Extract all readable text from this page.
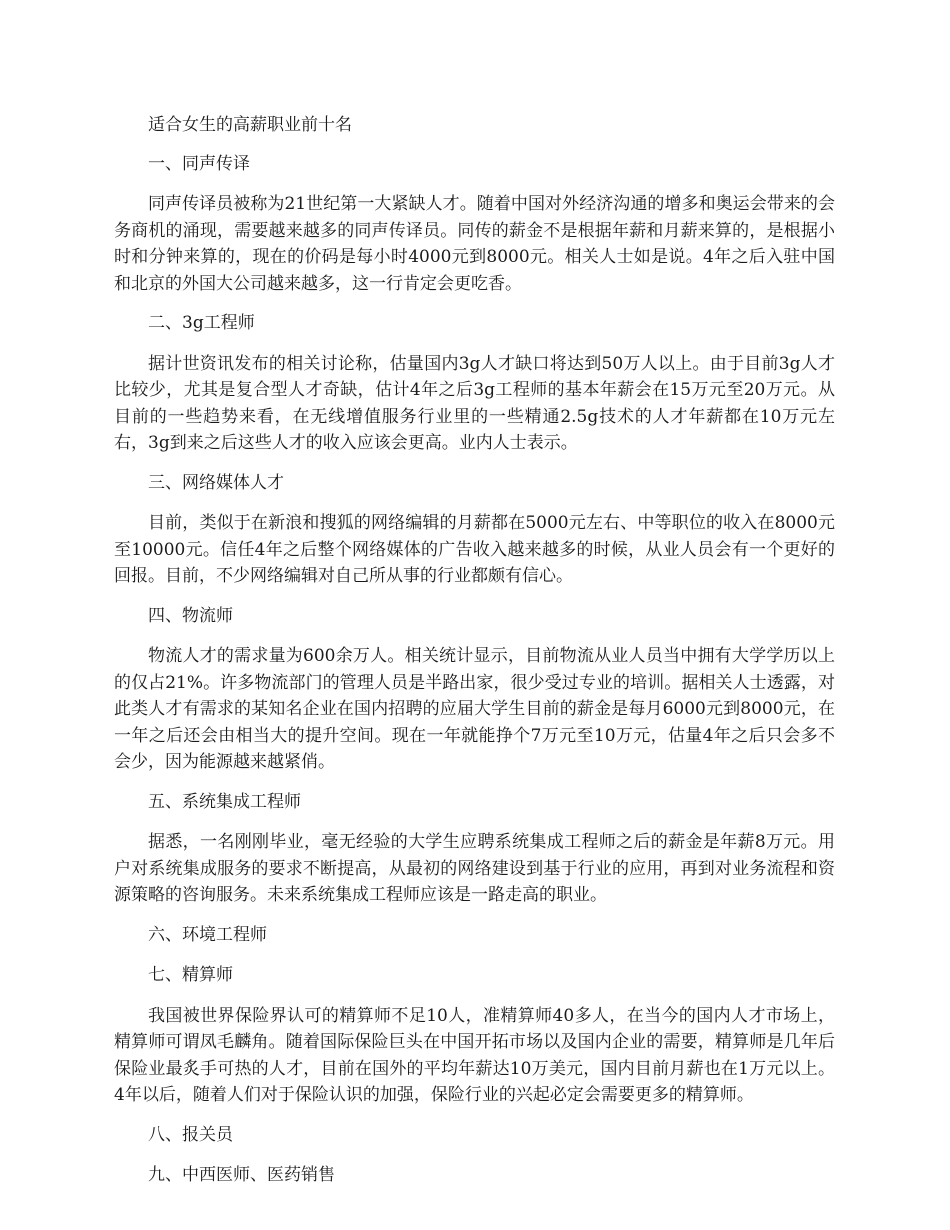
适合女生的高薪职业前十名

一、同声传译

同声传译员被称为21世纪第一大紧缺人才。随着中国对外经济沟通的增多和奥运会带来的会务商机的涌现，需要越来越多的同声传译员。同传的薪金不是根据年薪和月薪来算的，是根据小时和分钟来算的，现在的价码是每小时4000元到8000元。相关人士如是说。4年之后入驻中国和北京的外国大公司越来越多，这一行肯定会更吃香。

二、3g工程师

据计世资讯发布的相关讨论称，估量国内3g人才缺口将达到50万人以上。由于目前3g人才比较少，尤其是复合型人才奇缺，估计4年之后3g工程师的基本年薪会在15万元至20万元。从目前的一些趋势来看，在无线增值服务行业里的一些精通2.5g技术的人才年薪都在10万元左右，3g到来之后这些人才的收入应该会更高。业内人士表示。

三、网络媒体人才

目前，类似于在新浪和搜狐的网络编辑的月薪都在5000元左右、中等职位的收入在8000元至10000元。信任4年之后整个网络媒体的广告收入越来越多的时候，从业人员会有一个更好的回报。目前，不少网络编辑对自己所从事的行业都颇有信心。

四、物流师

物流人才的需求量为600余万人。相关统计显示，目前物流从业人员当中拥有大学学历以上的仅占21%。许多物流部门的管理人员是半路出家，很少受过专业的培训。据相关人士透露，对此类人才有需求的某知名企业在国内招聘的应届大学生目前的薪金是每月6000元到8000元，在一年之后还会由相当大的提升空间。现在一年就能挣个7万元至10万元，估量4年之后只会多不会少，因为能源越来越紧俏。

五、系统集成工程师

据悉，一名刚刚毕业，毫无经验的大学生应聘系统集成工程师之后的薪金是年薪8万元。用户对系统集成服务的要求不断提高，从最初的网络建设到基于行业的应用，再到对业务流程和资源策略的咨询服务。未来系统集成工程师应该是一路走高的职业。

六、环境工程师

七、精算师

我国被世界保险界认可的精算师不足10人，准精算师40多人，在当今的国内人才市场上，精算师可谓凤毛麟角。随着国际保险巨头在中国开拓市场以及国内企业的需要，精算师是几年后保险业最炙手可热的人才，目前在国外的平均年薪达10万美元，国内目前月薪也在1万元以上。4年以后，随着人们对于保险认识的加强，保险行业的兴起必定会需要更多的精算师。

八、报关员

九、中西医师、医药销售
